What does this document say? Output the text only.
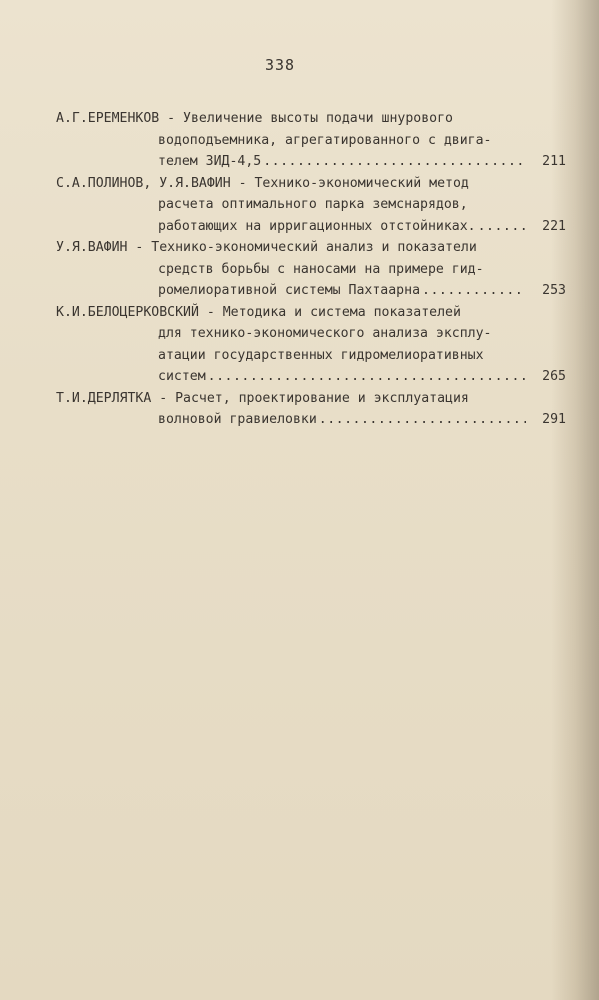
338
А.Г.ЕРЕМЕНКОВ - Увеличение высоты подачи шнурового
водоподъемника, агрегатированного с двига-
телем ЗИД-4,5 .....	211
С.А.ПОЛИНОВ, У.Я.ВАФИН - Технико-экономический метод
расчета оптимального парка земснарядов,
работающих на ирригационных отстойниках. .....	221
У.Я.ВАФИН - Технико-экономический анализ и показатели
средств борьбы с наносами на примере гид-
ромелиоративной системы Пахтаарна .....	253
К.И.БЕЛОЦЕРКОВСКИЙ - Методика и система показателей
для технико-экономического анализа эксплу-
атации государственных гидромелиоративных
систем .....	265
Т.И.ДЕРЛЯТКА - Расчет, проектирование и эксплуатация
волновой гравиеловки .....	291
